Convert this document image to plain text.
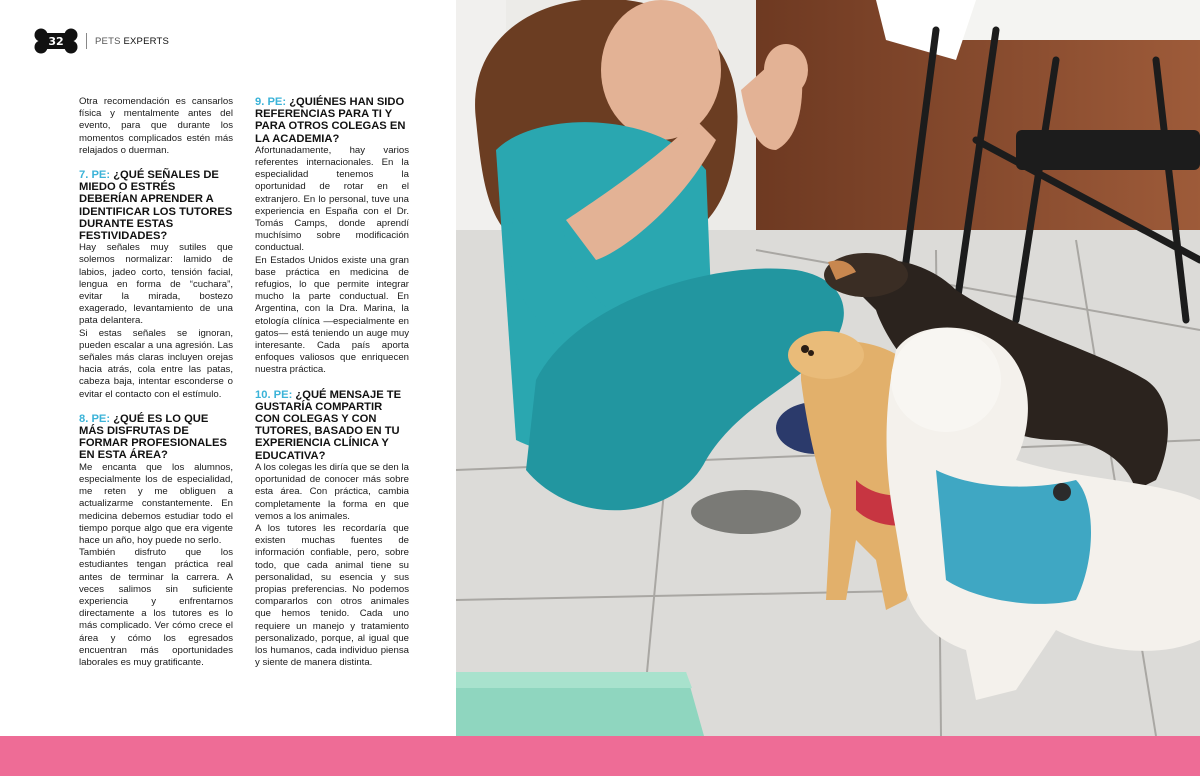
32	PETS EXPERTS

Otra recomendación es cansarlos física y mentalmente antes del evento, para que durante los momentos complicados estén más relajados o duerman.

7. PE: ¿QUÉ SEÑALES DE MIEDO O ESTRÉS DEBERÍAN APRENDER A IDENTIFICAR LOS TUTORES DURANTE ESTAS FESTIVIDADES?

Hay señales muy sutiles que solemos normalizar: lamido de labios, jadeo corto, tensión facial, lengua en forma de “cuchara”, evitar la mirada, bostezo exagerado, levantamiento de una pata delantera.

Si estas señales se ignoran, pueden escalar a una agresión. Las señales más claras incluyen orejas hacia atrás, cola entre las patas, cabeza baja, intentar esconderse o evitar el contacto con el estímulo.

8. PE: ¿QUÉ ES LO QUE MÁS DISFRUTAS DE FORMAR PROFESIONALES EN ESTA ÁREA?

Me encanta que los alumnos, especialmente los de especialidad, me reten y me obliguen a actualizarme constantemente. En medicina debemos estudiar todo el tiempo porque algo que era vigente hace un año, hoy puede no serlo.

También disfruto que los estudiantes tengan práctica real antes de terminar la carrera. A veces salimos sin suficiente experiencia y enfrentarnos directamente a los tutores es lo más complicado. Ver cómo crece el área y cómo los egresados encuentran más oportunidades laborales es muy gratificante.

9. PE: ¿QUIÉNES HAN SIDO REFERENCIAS PARA TI Y PARA OTROS COLEGAS EN LA ACADEMIA?

Afortunadamente, hay varios referentes internacionales. En la especialidad tenemos la oportunidad de rotar en el extranjero. En lo personal, tuve una experiencia en España con el Dr. Tomás Camps, donde aprendí muchísimo sobre modificación conductual.

En Estados Unidos existe una gran base práctica en medicina de refugios, lo que permite integrar mucho la parte conductual. En Argentina, con la Dra. Marina, la etología clínica —especialmente en gatos— está teniendo un auge muy interesante. Cada país aporta enfoques valiosos que enriquecen nuestra práctica.

10. PE: ¿QUÉ MENSAJE TE GUSTARÍA COMPARTIR CON COLEGAS Y CON TUTORES, BASADO EN TU EXPERIENCIA CLÍNICA Y EDUCATIVA?

A los colegas les diría que se den la oportunidad de conocer más sobre esta área. Con práctica, cambia completamente la forma en que vemos a los animales.

A los tutores les recordaría que existen muchas fuentes de información confiable, pero, sobre todo, que cada animal tiene su personalidad, su esencia y sus propias preferencias. No podemos compararlos con otros animales que hemos tenido. Cada uno requiere un manejo y tratamiento personalizado, porque, al igual que los humanos, cada individuo piensa y siente de manera distinta.
